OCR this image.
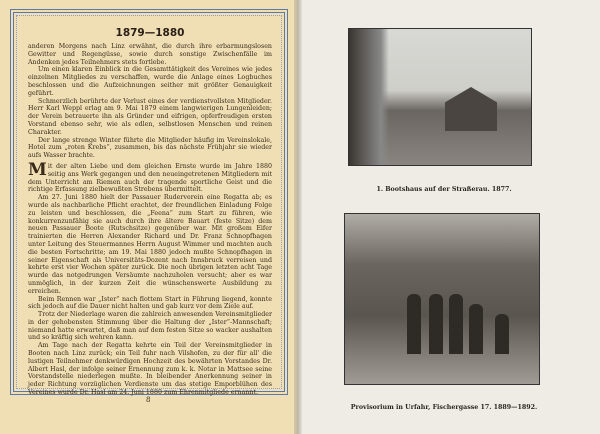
1879—1880

anderen Morgens nach Linz erwähnt, die durch ihre erbarmungslosen Gewitter und Regengüsse, sowie durch sonstige Zwischenfälle im Andenken jedes Teilnehmers stets fortlebe.

Um einen klaren Einblick in die Gesamttätigkeit des Vereines wie jedes einzelnen Mitgliedes zu verschaffen, wurde die Anlage eines Logbuches beschlossen und die Aufzeichnungen seither mit größter Genauigkeit geführt.

Schmerzlich berührte der Verlust eines der verdienstvollsten Mitglieder. Herr Karl Weppl erlag am 9. Mai 1879 einem langwierigen Lungenleiden; der Verein betrauerte ihn als Gründer und eifrigen, opferfreudigen ersten Vorstand ebenso sehr, wie als edlen, selbstlosen Menschen und reinen Charakter.

Der lange strenge Winter führte die Mitglieder häufig im Vereinslokale, Hotel zum „roten Krebs“, zusammen, bis das nächste Frühjahr sie wieder aufs Wasser brachte.

Mit der alten Liebe und dem gleichen Ernste wurde im Jahre 1880 seitig ans Werk gegangen und den neueingetretenen Mitgliedern mit dem Unterricht am Riemen auch der tragende sportliche Geist und die richtige Erfassung zielbewußten Strebens übermittelt.

Am 27. Juni 1880 hielt der Passauer Ruderverein eine Regatta ab; es wurde als nachbarliche Pflicht erachtet, der freundlichen Einladung Folge zu leisten und beschlossen, die „Feena“ zum Start zu führen, wie konkurrenzunfähig sie auch durch ihre ältere Bauart (feste Sitze) dem neuen Passauer Boote (Rutschsitze) gegenüber war. Mit großem Eifer trainierten die Herren Alexander Richard und Dr. Franz Schnopfhagen unter Leitung des Steuermannes Herrn August Wimmer und machten auch die besten Fortschritte; am 19. Mai 1880 jedoch mußte Schnopfhagen in seiner Eigenschaft als Universitäts-Dozent nach Innsbruck verreisen und kehrte erst vier Wochen später zurück. Die noch übrigen letzten acht Tage wurde das notgedrungen Versäumte nachzuholen versucht; aber es war unmöglich, in der kurzen Zeit die wünschenswerte Ausbildung zu erreichen.

Beim Rennen war „Ister“ nach flottem Start in Führung liegend, konnte sich jedoch auf die Dauer nicht halten und gab kurz vor dem Ziele auf.

Trotz der Niederlage waren die zahlreich anwesenden Vereinsmitglieder in der gehobensten Stimmung über die Haltung der „Ister“-Mannschaft; niemand hatte erwartet, daß man auf dem festen Sitze so wacker aushalten und so kräftig sich wehren kann.

Am Tage nach der Regatta kehrte ein Teil der Vereinsmitglieder in Booten nach Linz zurück; ein Teil fuhr nach Vilshofen, zu der für all' die lustigen Teilnehmer denkwürdigen Hochzeit des bewährten Vorstandes Dr. Albert Hasl, der infolge seiner Ernennung zum k. k. Notar in Mattsee seine Vorstandstelle niederlegen mußte. In bleibender Anerkennung seiner in jeder Richtung vorzüglichen Verdienste um das stetige Emporblühen des Vereines wurde Dr. Hasl am 24. Juni 1880 zum Ehrenmitgliede ernannt.

8
1. Bootshaus auf der Straßerau. 1877.
Provisorium in Urfahr, Fischergasse 17. 1889—1892.
